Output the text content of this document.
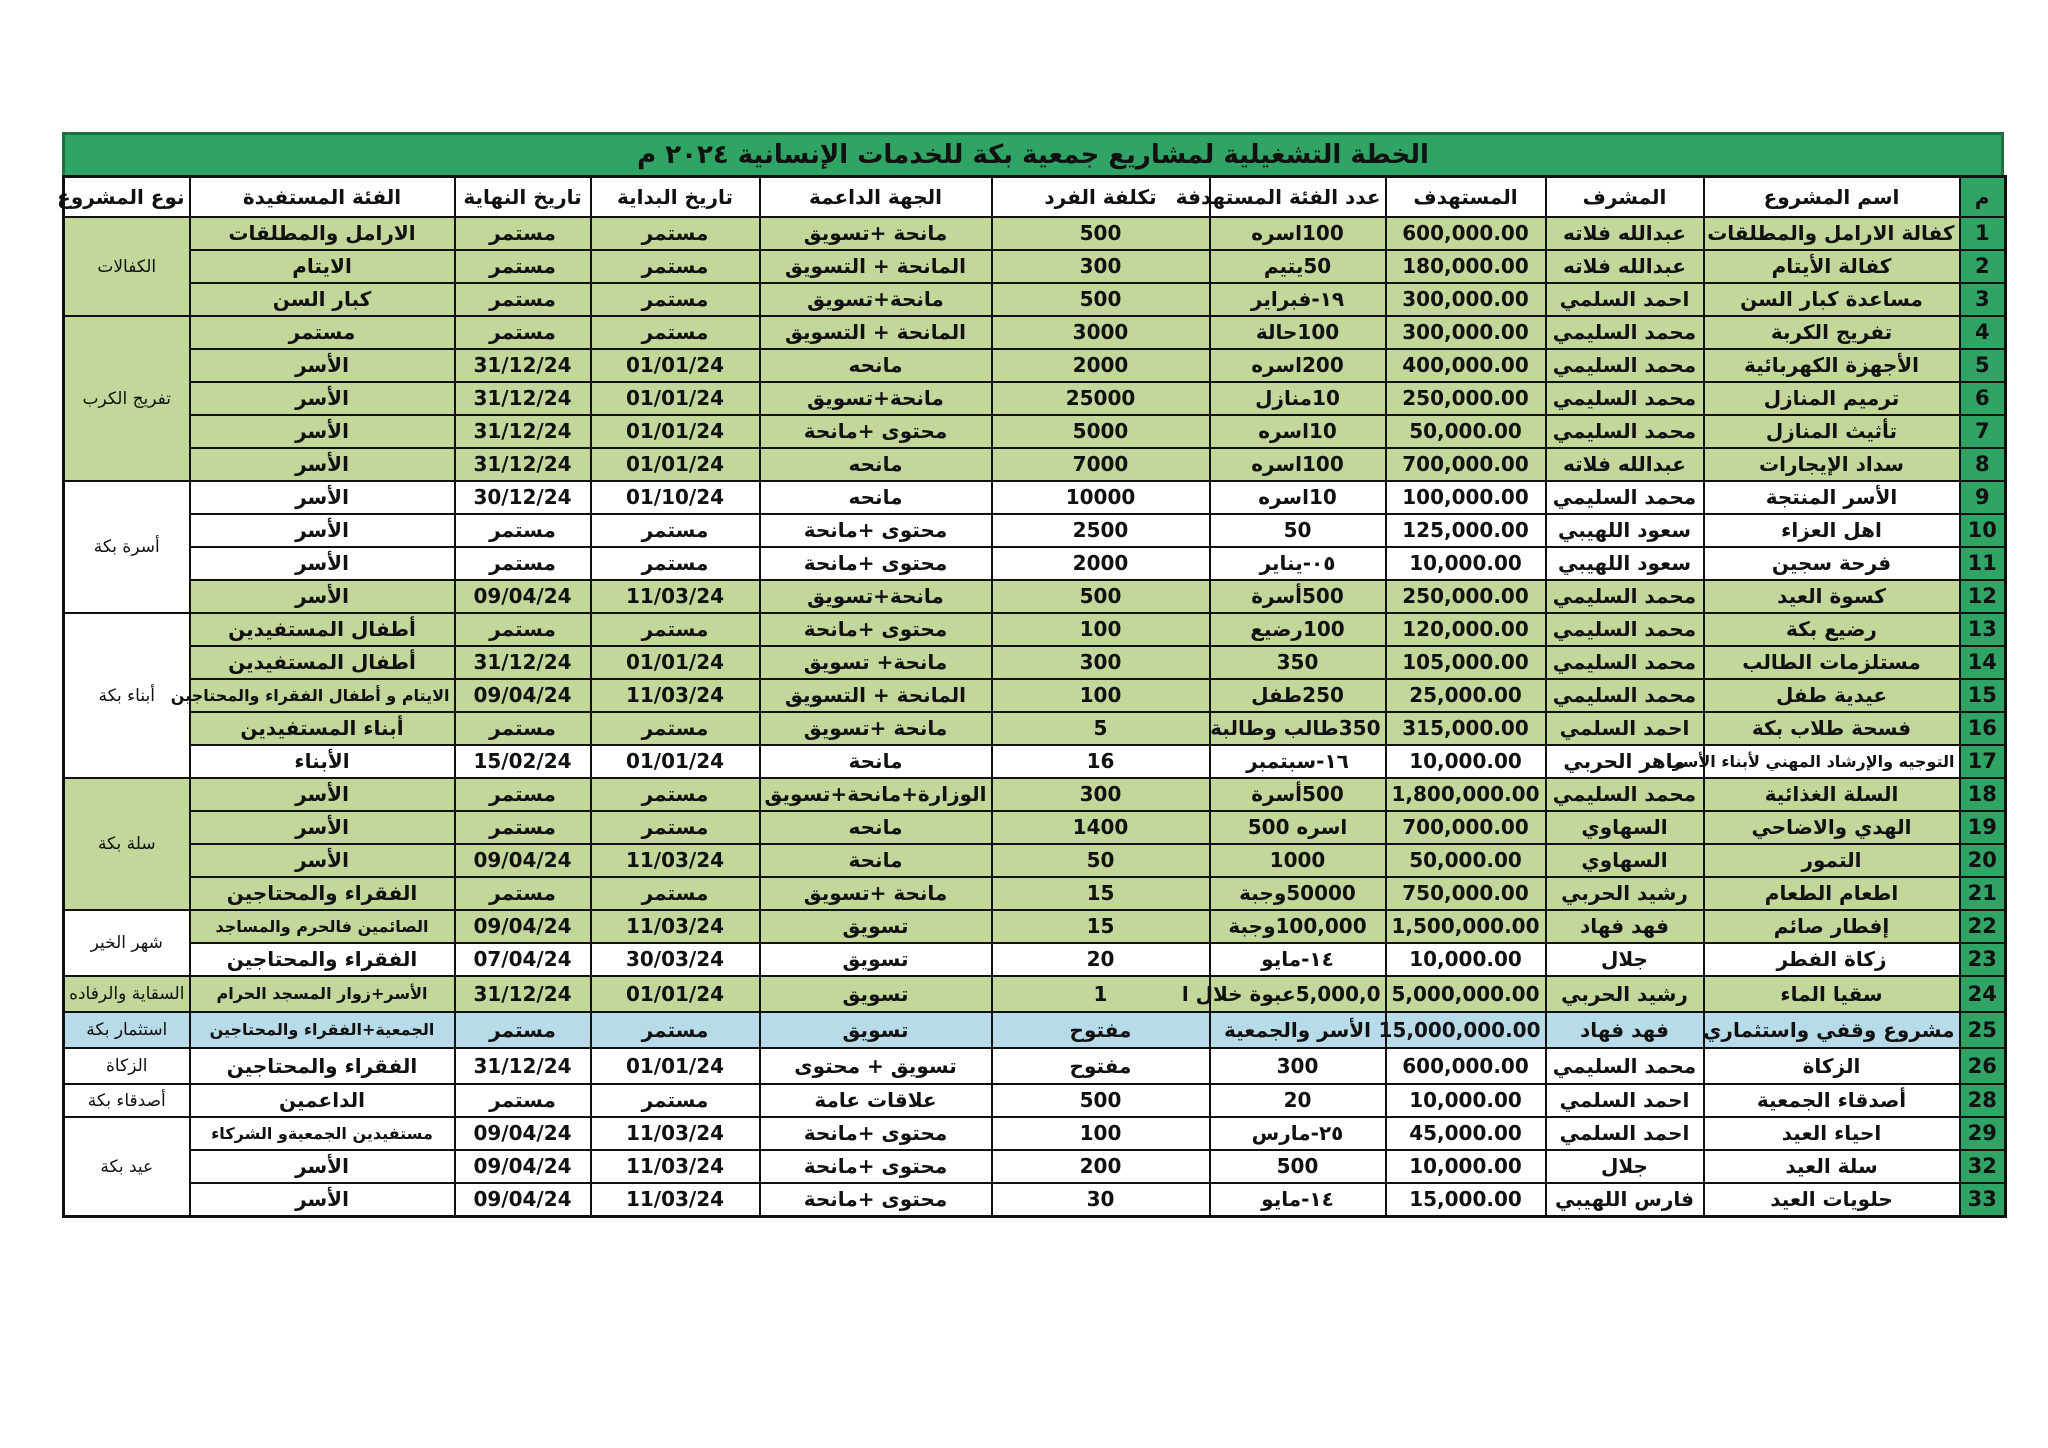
الخطة التشغيلية لمشاريع جمعية بكة للخدمات الإنسانية ٢٠٢٤ م
م	اسم المشروع	المشرف	المستهدف	عدد الفئة المستهدفة	تكلفة الفرد	الجهة الداعمة	تاريخ البداية	تاريخ النهاية	الفئة المستفيدة	نوع المشروع
1	كفالة الارامل والمطلقات	عبدالله فلاته	600,000.00	100اسره	500	مانحة +تسويق	مستمر	مستمر	الارامل والمطلقات	الكفالات
2	كفالة الأيتام	عبدالله فلاته	180,000.00	50يتيم	300	المانحة + التسويق	مستمر	مستمر	الايتام	
3	مساعدة كبار السن	احمد السلمي	300,000.00	١٩-فبراير	500	مانحة+تسويق	مستمر	مستمر	كبار السن	
4	تفريج الكربة	محمد السليمي	300,000.00	100حالة	3000	المانحة + التسويق	مستمر	مستمر	مستمر	تفريج الكرب
5	الأجهزة الكهربائية	محمد السليمي	400,000.00	200اسره	2000	مانحه	01/01/24	31/12/24	الأسر	
6	ترميم المنازل	محمد السليمي	250,000.00	10منازل	25000	مانحة+تسويق	01/01/24	31/12/24	الأسر	
7	تأثيث المنازل	محمد السليمي	50,000.00	10اسره	5000	محتوى +مانحة	01/01/24	31/12/24	الأسر	
8	سداد الإيجارات	عبدالله فلاته	700,000.00	100اسره	7000	مانحه	01/01/24	31/12/24	الأسر	
9	الأسر المنتجة	محمد السليمي	100,000.00	10اسره	10000	مانحه	01/10/24	30/12/24	الأسر	أسرة بكة
10	اهل العزاء	سعود اللهيبي	125,000.00	50	2500	محتوى +مانحة	مستمر	مستمر	الأسر	
11	فرحة سجين	سعود اللهيبي	10,000.00	٠٥-يناير	2000	محتوى +مانحة	مستمر	مستمر	الأسر	
12	كسوة العيد	محمد السليمي	250,000.00	500أسرة	500	مانحة+تسويق	11/03/24	09/04/24	الأسر	
13	رضيع بكة	محمد السليمي	120,000.00	100رضيع	100	محتوى +مانحة	مستمر	مستمر	أطفال المستفيدين	أبناء بكة
14	مستلزمات الطالب	محمد السليمي	105,000.00	350	300	مانحة+ تسويق	01/01/24	31/12/24	أطفال المستفيدين	
15	عيدية طفل	محمد السليمي	25,000.00	250طفل	100	المانحة + التسويق	11/03/24	09/04/24	الايتام و أطفال الفقراء والمحتاجين	
16	فسحة طلاب بكة	احمد السلمي	315,000.00	350طالب وطالبة	5	مانحة +تسويق	مستمر	مستمر	أبناء المستفيدين	
17	التوجيه والإرشاد المهني لأبناء الأسر	ماهر الحربي	10,000.00	١٦-سبتمبر	16	مانحة	01/01/24	15/02/24	الأبناء	
18	السلة الغذائية	محمد السليمي	1,800,000.00	500أسرة	300	الوزارة+مانحة+تسويق	مستمر	مستمر	الأسر	سلة بكة
19	الهدي والاضاحي	السهاوي	700,000.00	اسره 500	1400	مانحه	مستمر	مستمر	الأسر	
20	التمور	السهاوي	50,000.00	1000	50	مانحة	11/03/24	09/04/24	الأسر	
21	اطعام الطعام	رشيد الحربي	750,000.00	50000وجبة	15	مانحة +تسويق	مستمر	مستمر	الفقراء والمحتاجين	
22	إفطار صائم	فهد فهاد	1,500,000.00	100,000وجبة	15	تسويق	11/03/24	09/04/24	الصائمين فالحرم والمساجد	شهر الخير
23	زكاة الفطر	جلال	10,000.00	١٤-مايو	20	تسويق	30/03/24	07/04/24	الفقراء والمحتاجين	
24	سقيا الماء	رشيد الحربي	5,000,000.00	5,000,0عبوة خلال ا	1	تسويق	01/01/24	31/12/24	الأسر+زوار المسجد الحرام	السقاية والرفاده
25	مشروع وقفي واستثماري	فهد فهاد	15,000,000.00	الأسر والجمعية	مفتوح	تسويق	مستمر	مستمر	الجمعية+الفقراء والمحتاجين	استثمار بكة
26	الزكاة	محمد السليمي	600,000.00	300	مفتوح	تسويق + محتوى	01/01/24	31/12/24	الفقراء والمحتاجين	الزكاة
28	أصدقاء الجمعية	احمد السلمي	10,000.00	20	500	علاقات عامة	مستمر	مستمر	الداعمين	أصدقاء بكة
29	احياء العيد	احمد السلمي	45,000.00	٢٥-مارس	100	محتوى +مانحة	11/03/24	09/04/24	مستفيدين الجمعيةو الشركاء	عيد بكة
32	سلة العيد	جلال	10,000.00	500	200	محتوى +مانحة	11/03/24	09/04/24	الأسر	
33	حلويات العيد	فارس اللهيبي	15,000.00	١٤-مايو	30	محتوى +مانحة	11/03/24	09/04/24	الأسر	
